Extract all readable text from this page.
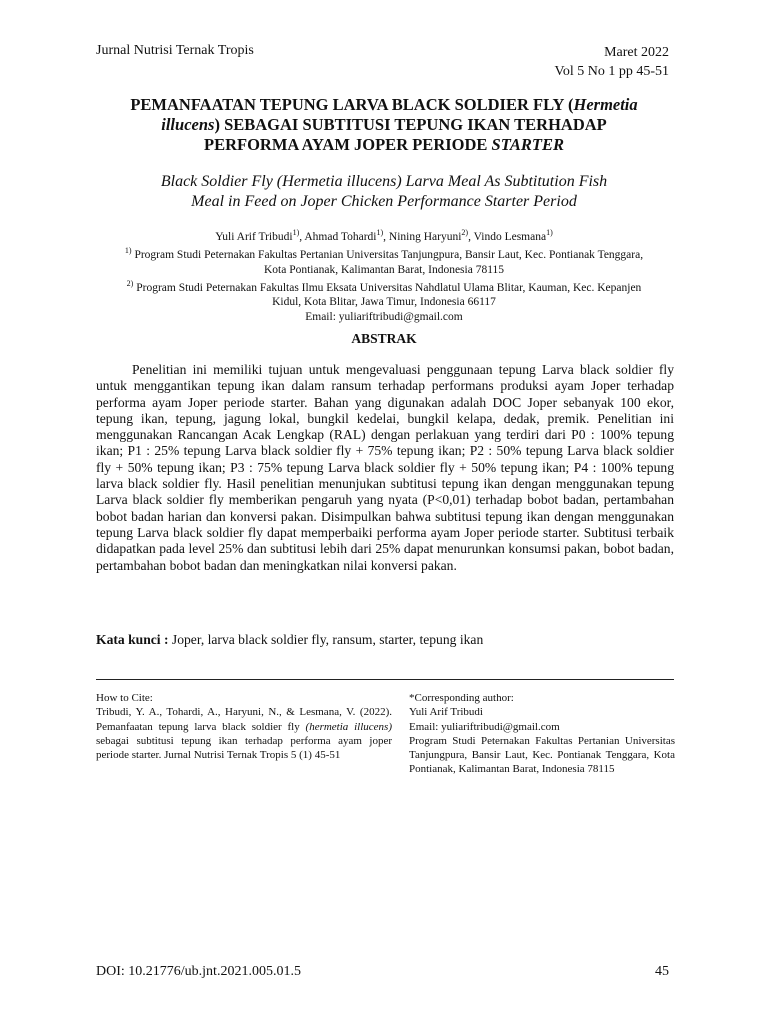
Jurnal Nutrisi Ternak Tropis	Maret 2022
Vol 5 No 1 pp 45-51
PEMANFAATAN TEPUNG LARVA BLACK SOLDIER FLY (Hermetia
illucens) SEBAGAI SUBTITUSI TEPUNG IKAN TERHADAP
PERFORMA AYAM JOPER PERIODE STARTER
Black Soldier Fly (Hermetia illucens) Larva Meal As Subtitution Fish
Meal in Feed on Joper Chicken Performance Starter Period
Yuli Arif Tribudi$^{1)}$, Ahmad Tohardi$^{1)}$, Nining Haryuni$^{2)}$, Vindo Lesmana$^{1)}$
$^{1)}$ Program Studi Peternakan Fakultas Pertanian Universitas Tanjungpura, Bansir Laut, Kec. Pontianak Tenggara,
Kota Pontianak, Kalimantan Barat, Indonesia 78115
$^{2)}$ Program Studi Peternakan Fakultas Ilmu Eksata Universitas Nahdlatul Ulama Blitar, Kauman, Kec. Kepanjen
Kidul, Kota Blitar, Jawa Timur, Indonesia 66117
Email: yuliariftribudi@gmail.com
ABSTRAK
Penelitian ini memiliki tujuan untuk mengevaluasi penggunaan tepung Larva black soldier fly untuk menggantikan tepung ikan dalam ransum terhadap performans produksi ayam Joper terhadap performa ayam Joper periode starter. Bahan yang digunakan adalah DOC Joper sebanyak 100 ekor, tepung ikan, tepung, jagung lokal, bungkil kedelai, bungkil kelapa, dedak, premik. Penelitian ini menggunakan Rancangan Acak Lengkap (RAL) dengan perlakuan yang terdiri dari P0 : 100% tepung ikan; P1 : 25% tepung Larva black soldier fly + 75% tepung ikan; P2 : 50% tepung Larva black soldier fly + 50% tepung ikan; P3 : 75% tepung Larva black soldier fly + 50% tepung ikan; P4 : 100% tepung larva black soldier fly. Hasil penelitian menunjukan subtitusi tepung ikan dengan menggunakan tepung Larva black soldier fly memberikan pengaruh yang nyata (P<0,01) terhadap bobot badan, pertambahan bobot badan harian dan konversi pakan. Disimpulkan bahwa subtitusi tepung ikan dengan menggunakan tepung Larva black soldier fly dapat memperbaiki performa ayam Joper periode starter. Subtitusi terbaik didapatkan pada level 25% dan subtitusi lebih dari 25% dapat menurunkan konsumsi pakan, bobot badan, pertambahan bobot badan dan meningkatkan nilai konversi pakan.
Kata kunci : Joper, larva black soldier fly, ransum, starter, tepung ikan
How to Cite:
Tribudi, Y. A., Tohardi, A., Haryuni, N., & Lesmana, V. (2022). Pemanfaatan tepung larva black soldier fly (hermetia illucens) sebagai subtitusi tepung ikan terhadap performa ayam joper periode starter. Jurnal Nutrisi Ternak Tropis 5 (1) 45-51
*Corresponding author:
Yuli Arif Tribudi
Email: yuliariftribudi@gmail.com
Program Studi Peternakan Fakultas Pertanian Universitas Tanjungpura, Bansir Laut, Kec. Pontianak Tenggara, Kota Pontianak, Kalimantan Barat, Indonesia 78115
DOI: 10.21776/ub.jnt.2021.005.01.5	45
